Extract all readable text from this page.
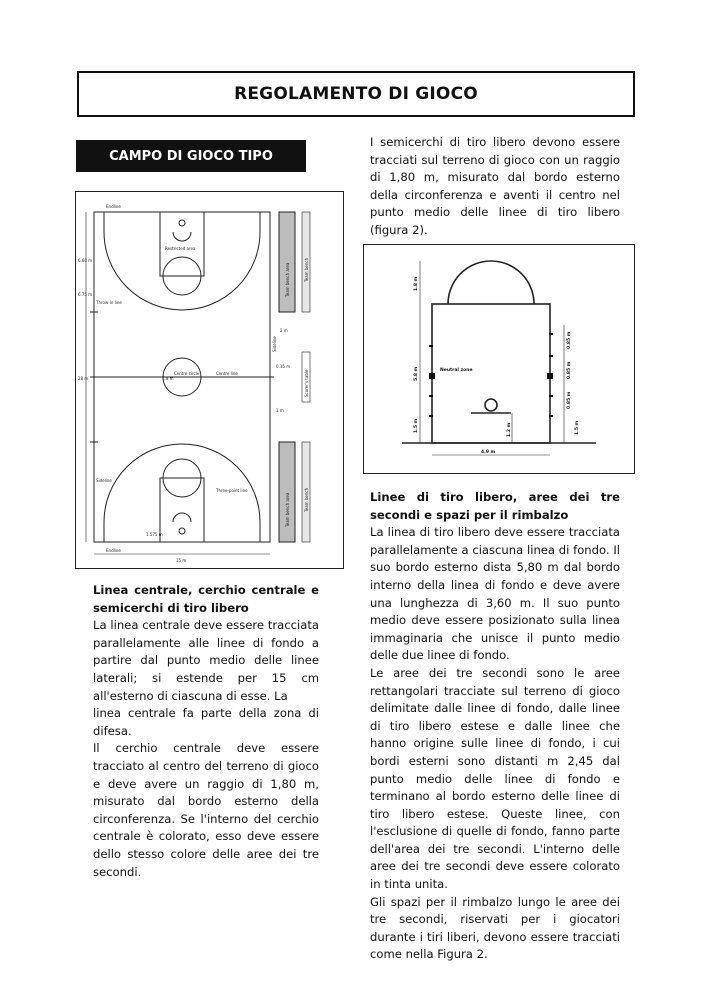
REGOLAMENTO DI GIOCO
CAMPO DI GIOCO TIPO

I semicerchi di tiro libero devono essere tracciati sul terreno di gioco con un raggio di 1,80 m, misurato dal bordo esterno della circonferenza e aventi il centro nel punto medio delle linee di tiro libero (figura 2).

Endline
Endline
Restricted area
Centre circle	Centre line
Throw-in line
6.60 m
6.75 m
2 m
0.15 m
1 m
1.8 m
28 m
15 m
1.575 m
Three-point line
Sideline
Team bench area
Team bench area
Team bench
Team bench
Sideline
Scorer's table
1.8 m
5.8 m
1.5 m	1.2 m
Neutral zone
4.9 m
0.85 m
0.85 m
0.85 m
1.5 m

Linea centrale, cerchio centrale e semicerchi di tiro libero

La linea centrale deve essere tracciata parallelamente alle linee di fondo a partire dal punto medio delle linee laterali; si estende per 15 cm all'esterno di ciascuna di esse. La

linea centrale fa parte della zona di difesa.

Il cerchio centrale deve essere tracciato al centro del terreno di gioco e deve avere un raggio di 1,80 m, misurato dal bordo esterno della circonferenza. Se l'interno del cerchio centrale è colorato, esso deve essere dello stesso colore delle aree dei tre secondi.

Linee di tiro libero, aree dei tre secondi e spazi per il rimbalzo

La linea di tiro libero deve essere tracciata parallelamente a ciascuna linea di fondo. Il suo bordo esterno dista 5,80 m dal bordo interno della linea di fondo e deve avere una lunghezza di 3,60 m. Il suo punto medio deve essere posizionato sulla linea immaginaria che unisce il punto medio delle due linee di fondo.

Le aree dei tre secondi sono le aree rettangolari tracciate sul terreno di gioco delimitate dalle linee di fondo, dalle linee di tiro libero estese e dalle linee che hanno origine sulle linee di fondo, i cui bordi esterni sono distanti m 2,45 dal punto medio delle linee di fondo e terminano al bordo esterno delle linee di tiro libero estese. Queste linee, con l'esclusione di quelle di fondo, fanno parte dell'area dei tre secondi. L'interno delle aree dei tre secondi deve essere colorato in tinta unita.

Gli spazi per il rimbalzo lungo le aree dei tre secondi, riservati per i giocatori durante i tiri liberi, devono essere tracciati come nella Figura 2.
